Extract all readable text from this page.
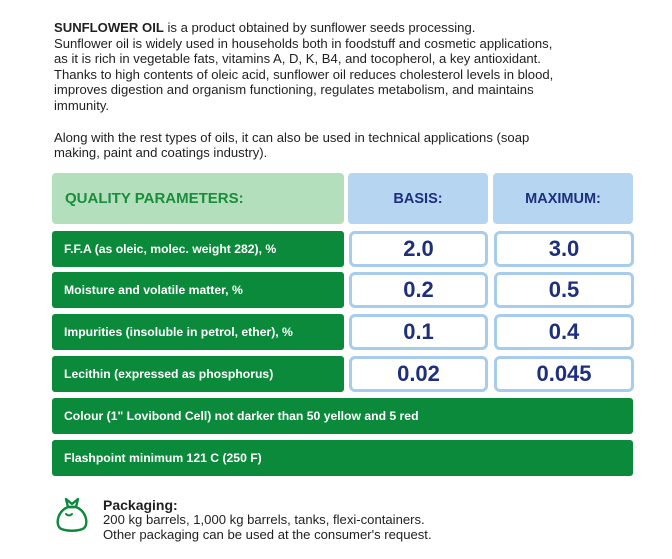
SUNFLOWER OIL is a product obtained by sunflower seeds processing.
Sunflower oil is widely used in households both in foodstuff and cosmetic applications,
as it is rich in vegetable fats, vitamins A, D, K, B4, and tocopherol, a key antioxidant.
Thanks to high contents of oleic acid, sunflower oil reduces cholesterol levels in blood,
improves digestion and organism functioning, regulates metabolism, and maintains
immunity.

Along with the rest types of oils, it can also be used in technical applications (soap
making, paint and coatings industry).

QUALITY PARAMETERS:	BASIS:	MAXIMUM:
F.F.A (as oleic, molec. weight 282), %	2.0	3.0
Moisture and volatile matter, %	0.2	0.5
Impurities (insoluble in petrol, ether), %	0.1	0.4
Lecithin (expressed as phosphorus)	0.02	0.045
Colour (1" Lovibond Cell) not darker than 50 yellow and 5 red
Flashpoint minimum 121 C (250 F)
Packaging:
200 kg barrels, 1,000 kg barrels, tanks, flexi-containers.
Other packaging can be used at the consumer's request.
